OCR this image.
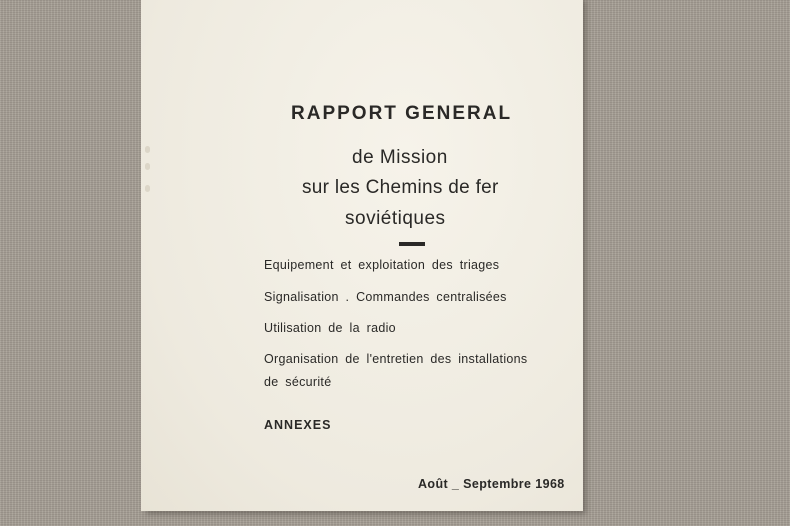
RAPPORT GENERAL
de Mission
sur les Chemins de fer
soviétiques
Equipement et exploitation des triages
Signalisation . Commandes centralisées
Utilisation de la radio
Organisation de l'entretien des installations
de sécurité
ANNEXES
Août _ Septembre 1968
